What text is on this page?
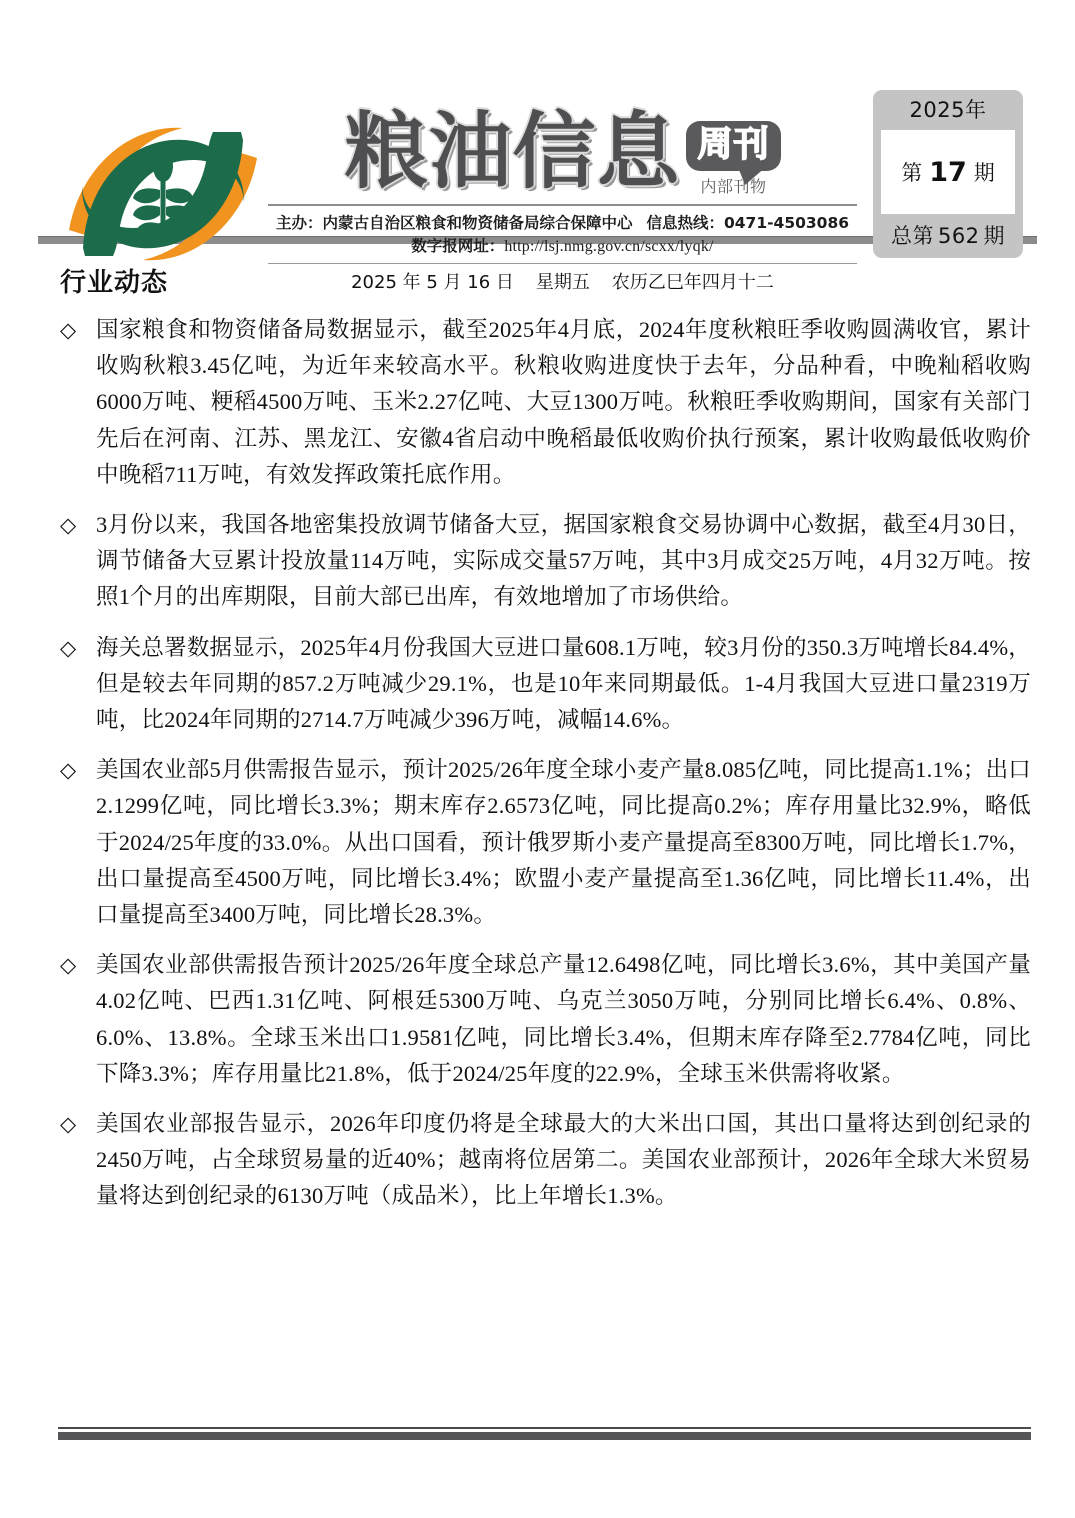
粮油信息 周刊
内部刊物
主办：内蒙古自治区粮食和物资储备局综合保障中心 信息热线：0471-4503086
数字报网址：http://lsj.nmg.gov.cn/scxx/lyqk/
2025 年 5 月 16 日 星期五 农历乙巳年四月十二
2025年
第 17 期
总第 562 期
行业动态
◇ 国家粮食和物资储备局数据显示，截至2025年4月底，2024年度秋粮旺季收购圆满收官，累计收购秋粮3.45亿吨，为近年来较高水平。秋粮收购进度快于去年，分品种看，中晚籼稻收购6000万吨、粳稻4500万吨、玉米2.27亿吨、大豆1300万吨。秋粮旺季收购期间，国家有关部门先后在河南、江苏、黑龙江、安徽4省启动中晚稻最低收购价执行预案，累计收购最低收购价中晚稻711万吨，有效发挥政策托底作用。
◇ 3月份以来，我国各地密集投放调节储备大豆，据国家粮食交易协调中心数据，截至4月30日，调节储备大豆累计投放量114万吨，实际成交量57万吨，其中3月成交25万吨，4月32万吨。按照1个月的出库期限，目前大部已出库，有效地增加了市场供给。
◇ 海关总署数据显示，2025年4月份我国大豆进口量608.1万吨，较3月份的350.3万吨增长84.4%，但是较去年同期的857.2万吨减少29.1%，也是10年来同期最低。1-4月我国大豆进口量2319万吨，比2024年同期的2714.7万吨减少396万吨，减幅14.6%。
◇ 美国农业部5月供需报告显示，预计2025/26年度全球小麦产量8.085亿吨，同比提高1.1%；出口2.1299亿吨，同比增长3.3%；期末库存2.6573亿吨，同比提高0.2%；库存用量比32.9%，略低于2024/25年度的33.0%。从出口国看，预计俄罗斯小麦产量提高至8300万吨，同比增长1.7%，出口量提高至4500万吨，同比增长3.4%；欧盟小麦产量提高至1.36亿吨，同比增长11.4%，出口量提高至3400万吨，同比增长28.3%。
◇ 美国农业部供需报告预计2025/26年度全球总产量12.6498亿吨，同比增长3.6%，其中美国产量4.02亿吨、巴西1.31亿吨、阿根廷5300万吨、乌克兰3050万吨，分别同比增长6.4%、0.8%、6.0%、13.8%。全球玉米出口1.9581亿吨，同比增长3.4%，但期末库存降至2.7784亿吨，同比下降3.3%；库存用量比21.8%，低于2024/25年度的22.9%，全球玉米供需将收紧。
◇ 美国农业部报告显示，2026年印度仍将是全球最大的大米出口国，其出口量将达到创纪录的2450万吨，占全球贸易量的近40%；越南将位居第二。美国农业部预计，2026年全球大米贸易量将达到创纪录的6130万吨（成品米），比上年增长1.3%。
